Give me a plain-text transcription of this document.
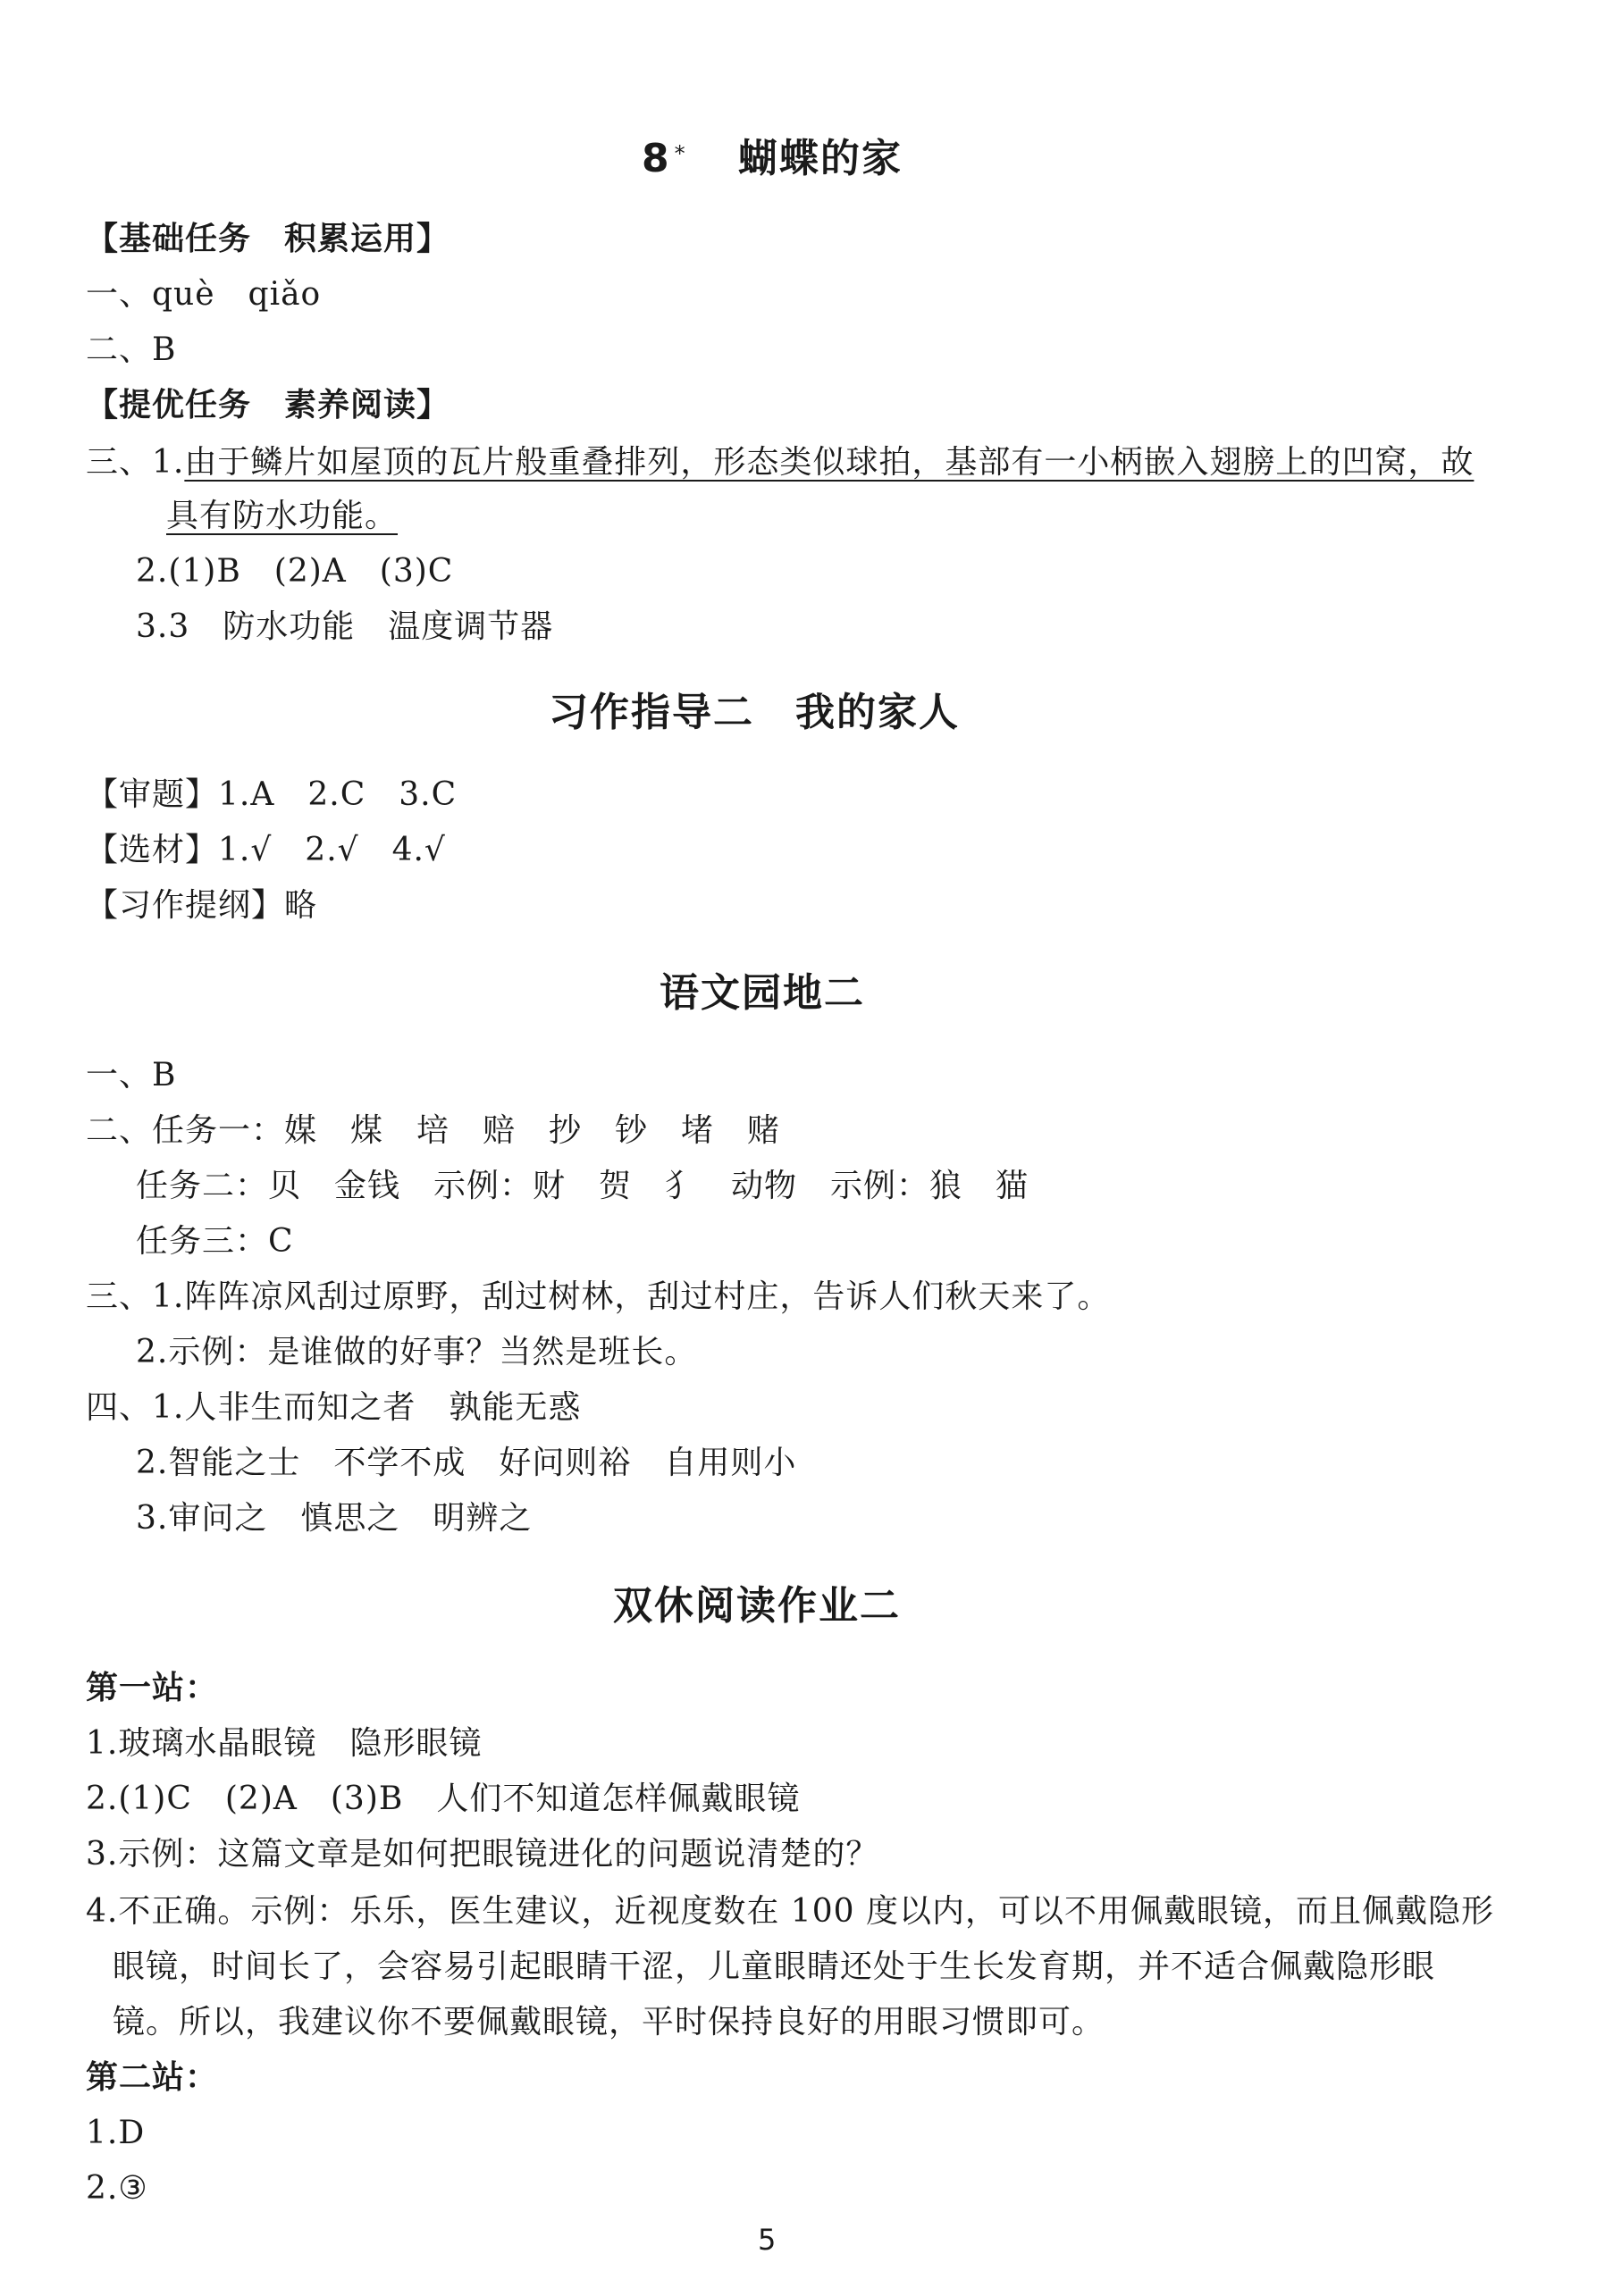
8 * 蝴蝶的家
【基础任务　积累运用】
一、què　qiǎo
二、B
【提优任务　素养阅读】
三、1.由于鳞片如屋顶的瓦片般重叠排列，形态类似球拍，基部有一小柄嵌入翅膀上的凹窝，故
具有防水功能。
2.(1)B　(2)A　(3)C
3.3　防水功能　温度调节器
习作指导二　我的家人
【审题】1.A　2.C　3.C
【选材】1.√　2.√　4.√
【习作提纲】略
语文园地二
一、B
二、任务一：媒　煤　培　赔　抄　钞　堵　赌
任务二：贝　金钱　示例：财　贺　犭　动物　示例：狼　猫
任务三：C
三、1.阵阵凉风刮过原野，刮过树林，刮过村庄，告诉人们秋天来了。
2.示例：是谁做的好事？当然是班长。
四、1.人非生而知之者　孰能无惑
2.智能之士　不学不成　好问则裕　自用则小
3.审问之　慎思之　明辨之
双休阅读作业二
第一站：
1.玻璃水晶眼镜　隐形眼镜
2.(1)C　(2)A　(3)B　人们不知道怎样佩戴眼镜
3.示例：这篇文章是如何把眼镜进化的问题说清楚的？
4.不正确。示例：乐乐，医生建议，近视度数在 100 度以内，可以不用佩戴眼镜，而且佩戴隐形
眼镜，时间长了，会容易引起眼睛干涩，儿童眼睛还处于生长发育期，并不适合佩戴隐形眼
镜。所以，我建议你不要佩戴眼镜，平时保持良好的用眼习惯即可。
第二站：
1.D
2.③
5
